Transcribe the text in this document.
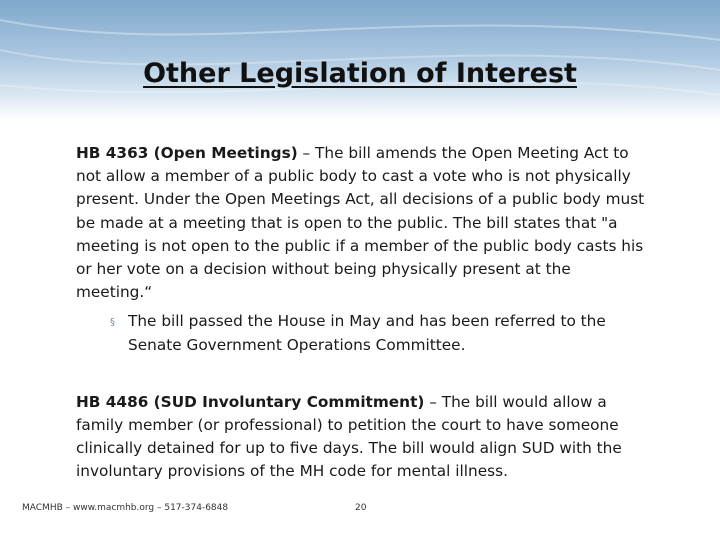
Other Legislation of Interest

HB 4363 (Open Meetings) – The bill amends the Open Meeting Act to not allow a member of a public body to cast a vote who is not physically present. Under the Open Meetings Act, all decisions of a public body must be made at a meeting that is open to the public. The bill states that "a meeting is not open to the public if a member of the public body casts his or her vote on a decision without being physically present at the meeting.“

§ The bill passed the House in May and has been referred to the Senate Government Operations Committee.

HB 4486 (SUD Involuntary Commitment) – The bill would allow a family member (or professional) to petition the court to have someone clinically detained for up to five days. The bill would align SUD with the involuntary provisions of the MH code for mental illness.

MACMHB – www.macmhb.org – 517-374-6848	20
